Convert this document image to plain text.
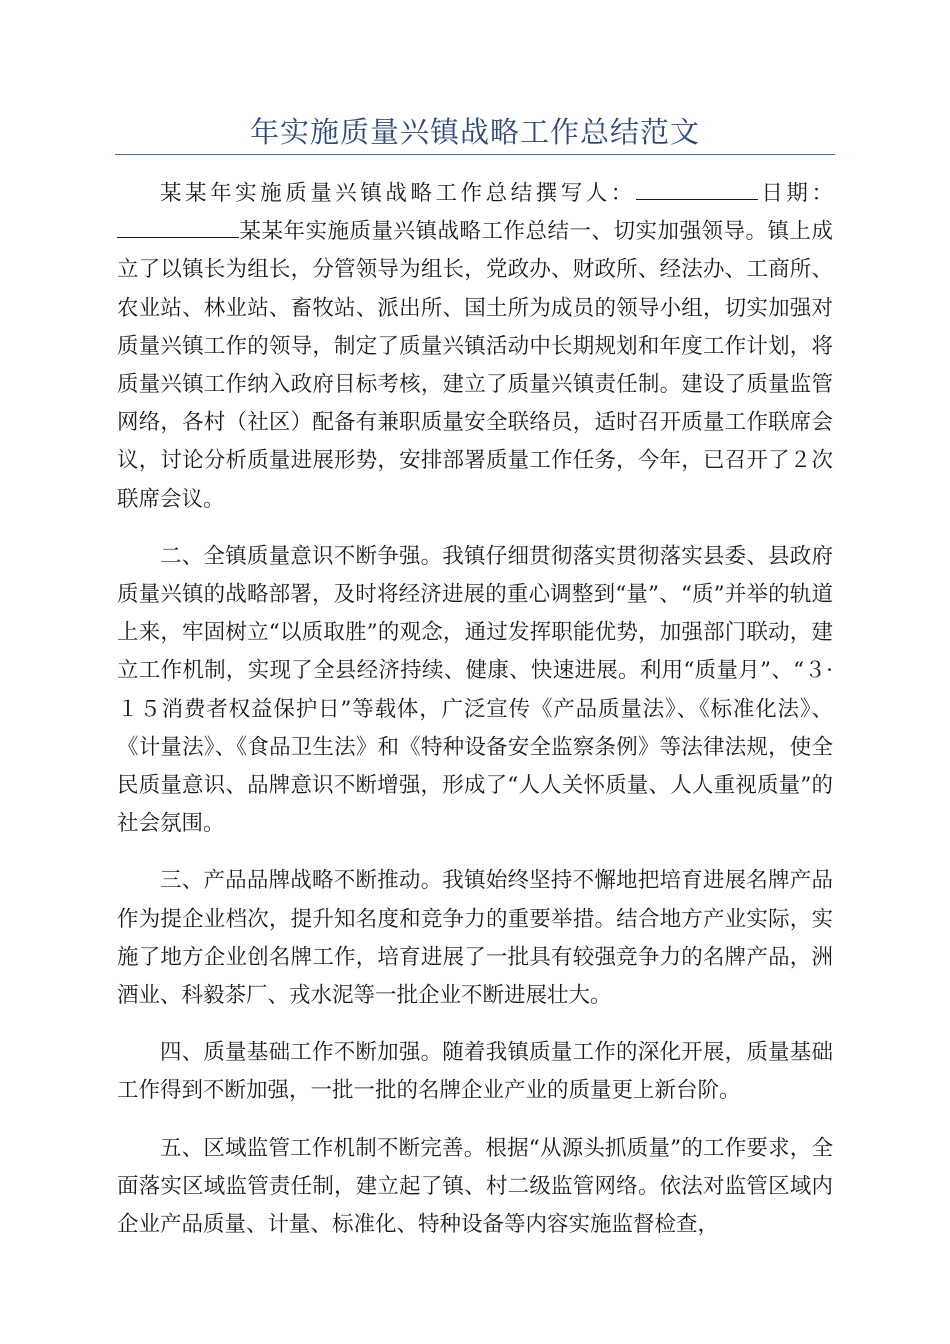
年实施质量兴镇战略工作总结范文

某某年实施质量兴镇战略工作总结撰写人：	日期：某某年实施质量兴镇战略工作总结一、切实加强领导。镇上成立了以镇长为组长，分管领导为组长，党政办、财政所、经法办、工商所、农业站、林业站、畜牧站、派出所、国土所为成员的领导小组，切实加强对质量兴镇工作的领导，制定了质量兴镇活动中长期规划和年度工作计划，将质量兴镇工作纳入政府目标考核，建立了质量兴镇责任制。建设了质量监管网络，各村（社区）配备有兼职质量安全联络员，适时召开质量工作联席会议，讨论分析质量进展形势，安排部署质量工作任务，今年，已召开了２次联席会议。

二、全镇质量意识不断争强。我镇仔细贯彻落实贯彻落实县委、县政府质量兴镇的战略部署，及时将经济进展的重心调整到“量”、“质”并举的轨道上来，牢固树立“以质取胜”的观念，通过发挥职能优势，加强部门联动，建立工作机制，实现了全县经济持续、健康、快速进展。利用“质量月”、“３·１５消费者权益保护日”等载体，广泛宣传《产品质量法》、《标准化法》、《计量法》、《食品卫生法》和《特种设备安全监察条例》等法律法规，使全民质量意识、品牌意识不断增强，形成了“人人关怀质量、人人重视质量”的社会氛围。

三、产品品牌战略不断推动。我镇始终坚持不懈地把培育进展名牌产品作为提企业档次，提升知名度和竞争力的重要举措。结合地方产业实际，实施了地方企业创名牌工作，培育进展了一批具有较强竞争力的名牌产品，洲酒业、科毅茶厂、戎水泥等一批企业不断进展壮大。

四、质量基础工作不断加强。随着我镇质量工作的深化开展，质量基础工作得到不断加强，一批一批的名牌企业产业的质量更上新台阶。

五、区域监管工作机制不断完善。根据“从源头抓质量”的工作要求，全面落实区域监管责任制，建立起了镇、村二级监管网络。依法对监管区域内企业产品质量、计量、标准化、特种设备等内容实施监督检查，
